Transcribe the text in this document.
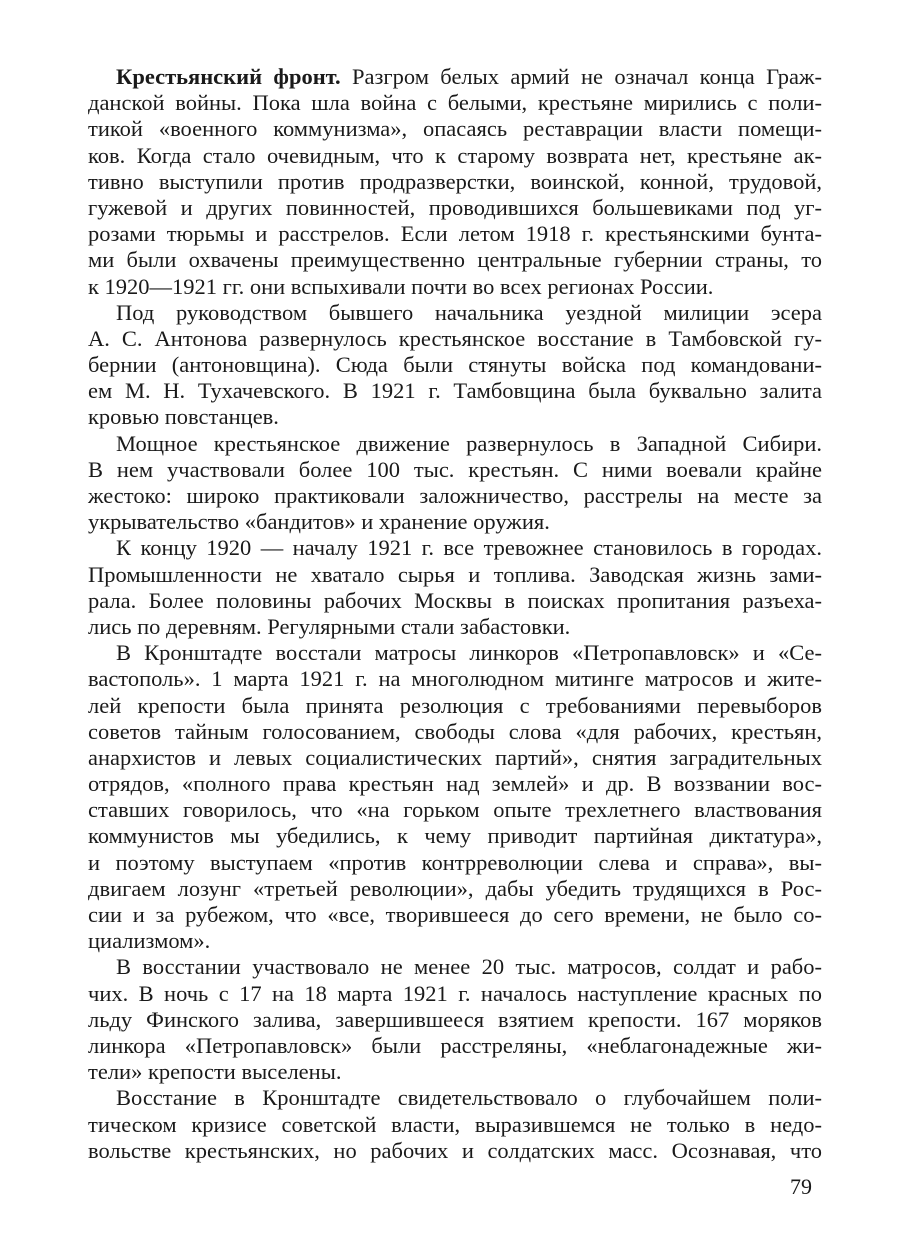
Крестьянский фронт. Разгром белых армий не означал конца Граж-
данской войны. Пока шла война с белыми, крестьяне мирились с поли-
тикой «военного коммунизма», опасаясь реставрации власти помещи-
ков. Когда стало очевидным, что к старому возврата нет, крестьяне ак-
тивно выступили против продразверстки, воинской, конной, трудовой,
гужевой и других повинностей, проводившихся большевиками под уг-
розами тюрьмы и расстрелов. Если летом 1918 г. крестьянскими бунта-
ми были охвачены преимущественно центральные губернии страны, то
к 1920—1921 гг. они вспыхивали почти во всех регионах России.
Под руководством бывшего начальника уездной милиции эсера
А. С. Антонова развернулось крестьянское восстание в Тамбовской гу-
бернии (антоновщина). Сюда были стянуты войска под командовани-
ем М. Н. Тухачевского. В 1921 г. Тамбовщина была буквально залита
кровью повстанцев.
Мощное крестьянское движение развернулось в Западной Сибири.
В нем участвовали более 100 тыс. крестьян. С ними воевали крайне
жестоко: широко практиковали заложничество, расстрелы на месте за
укрывательство «бандитов» и хранение оружия.
К концу 1920 — началу 1921 г. все тревожнее становилось в городах.
Промышленности не хватало сырья и топлива. Заводская жизнь зами-
рала. Более половины рабочих Москвы в поисках пропитания разъеха-
лись по деревням. Регулярными стали забастовки.
В Кронштадте восстали матросы линкоров «Петропавловск» и «Се-
вастополь». 1 марта 1921 г. на многолюдном митинге матросов и жите-
лей крепости была принята резолюция с требованиями перевыборов
советов тайным голосованием, свободы слова «для рабочих, крестьян,
анархистов и левых социалистических партий», снятия заградительных
отрядов, «полного права крестьян над землей» и др. В воззвании вос-
ставших говорилось, что «на горьком опыте трехлетнего властвования
коммунистов мы убедились, к чему приводит партийная диктатура»,
и поэтому выступаем «против контрреволюции слева и справа», вы-
двигаем лозунг «третьей революции», дабы убедить трудящихся в Рос-
сии и за рубежом, что «все, творившееся до сего времени, не было со-
циализмом».
В восстании участвовало не менее 20 тыс. матросов, солдат и рабо-
чих. В ночь с 17 на 18 марта 1921 г. началось наступление красных по
льду Финского залива, завершившееся взятием крепости. 167 моряков
линкора «Петропавловск» были расстреляны, «неблагонадежные жи-
тели» крепости выселены.
Восстание в Кронштадте свидетельствовало о глубочайшем поли-
тическом кризисе советской власти, выразившемся не только в недо-
вольстве крестьянских, но рабочих и солдатских масс. Осознавая, что
79
